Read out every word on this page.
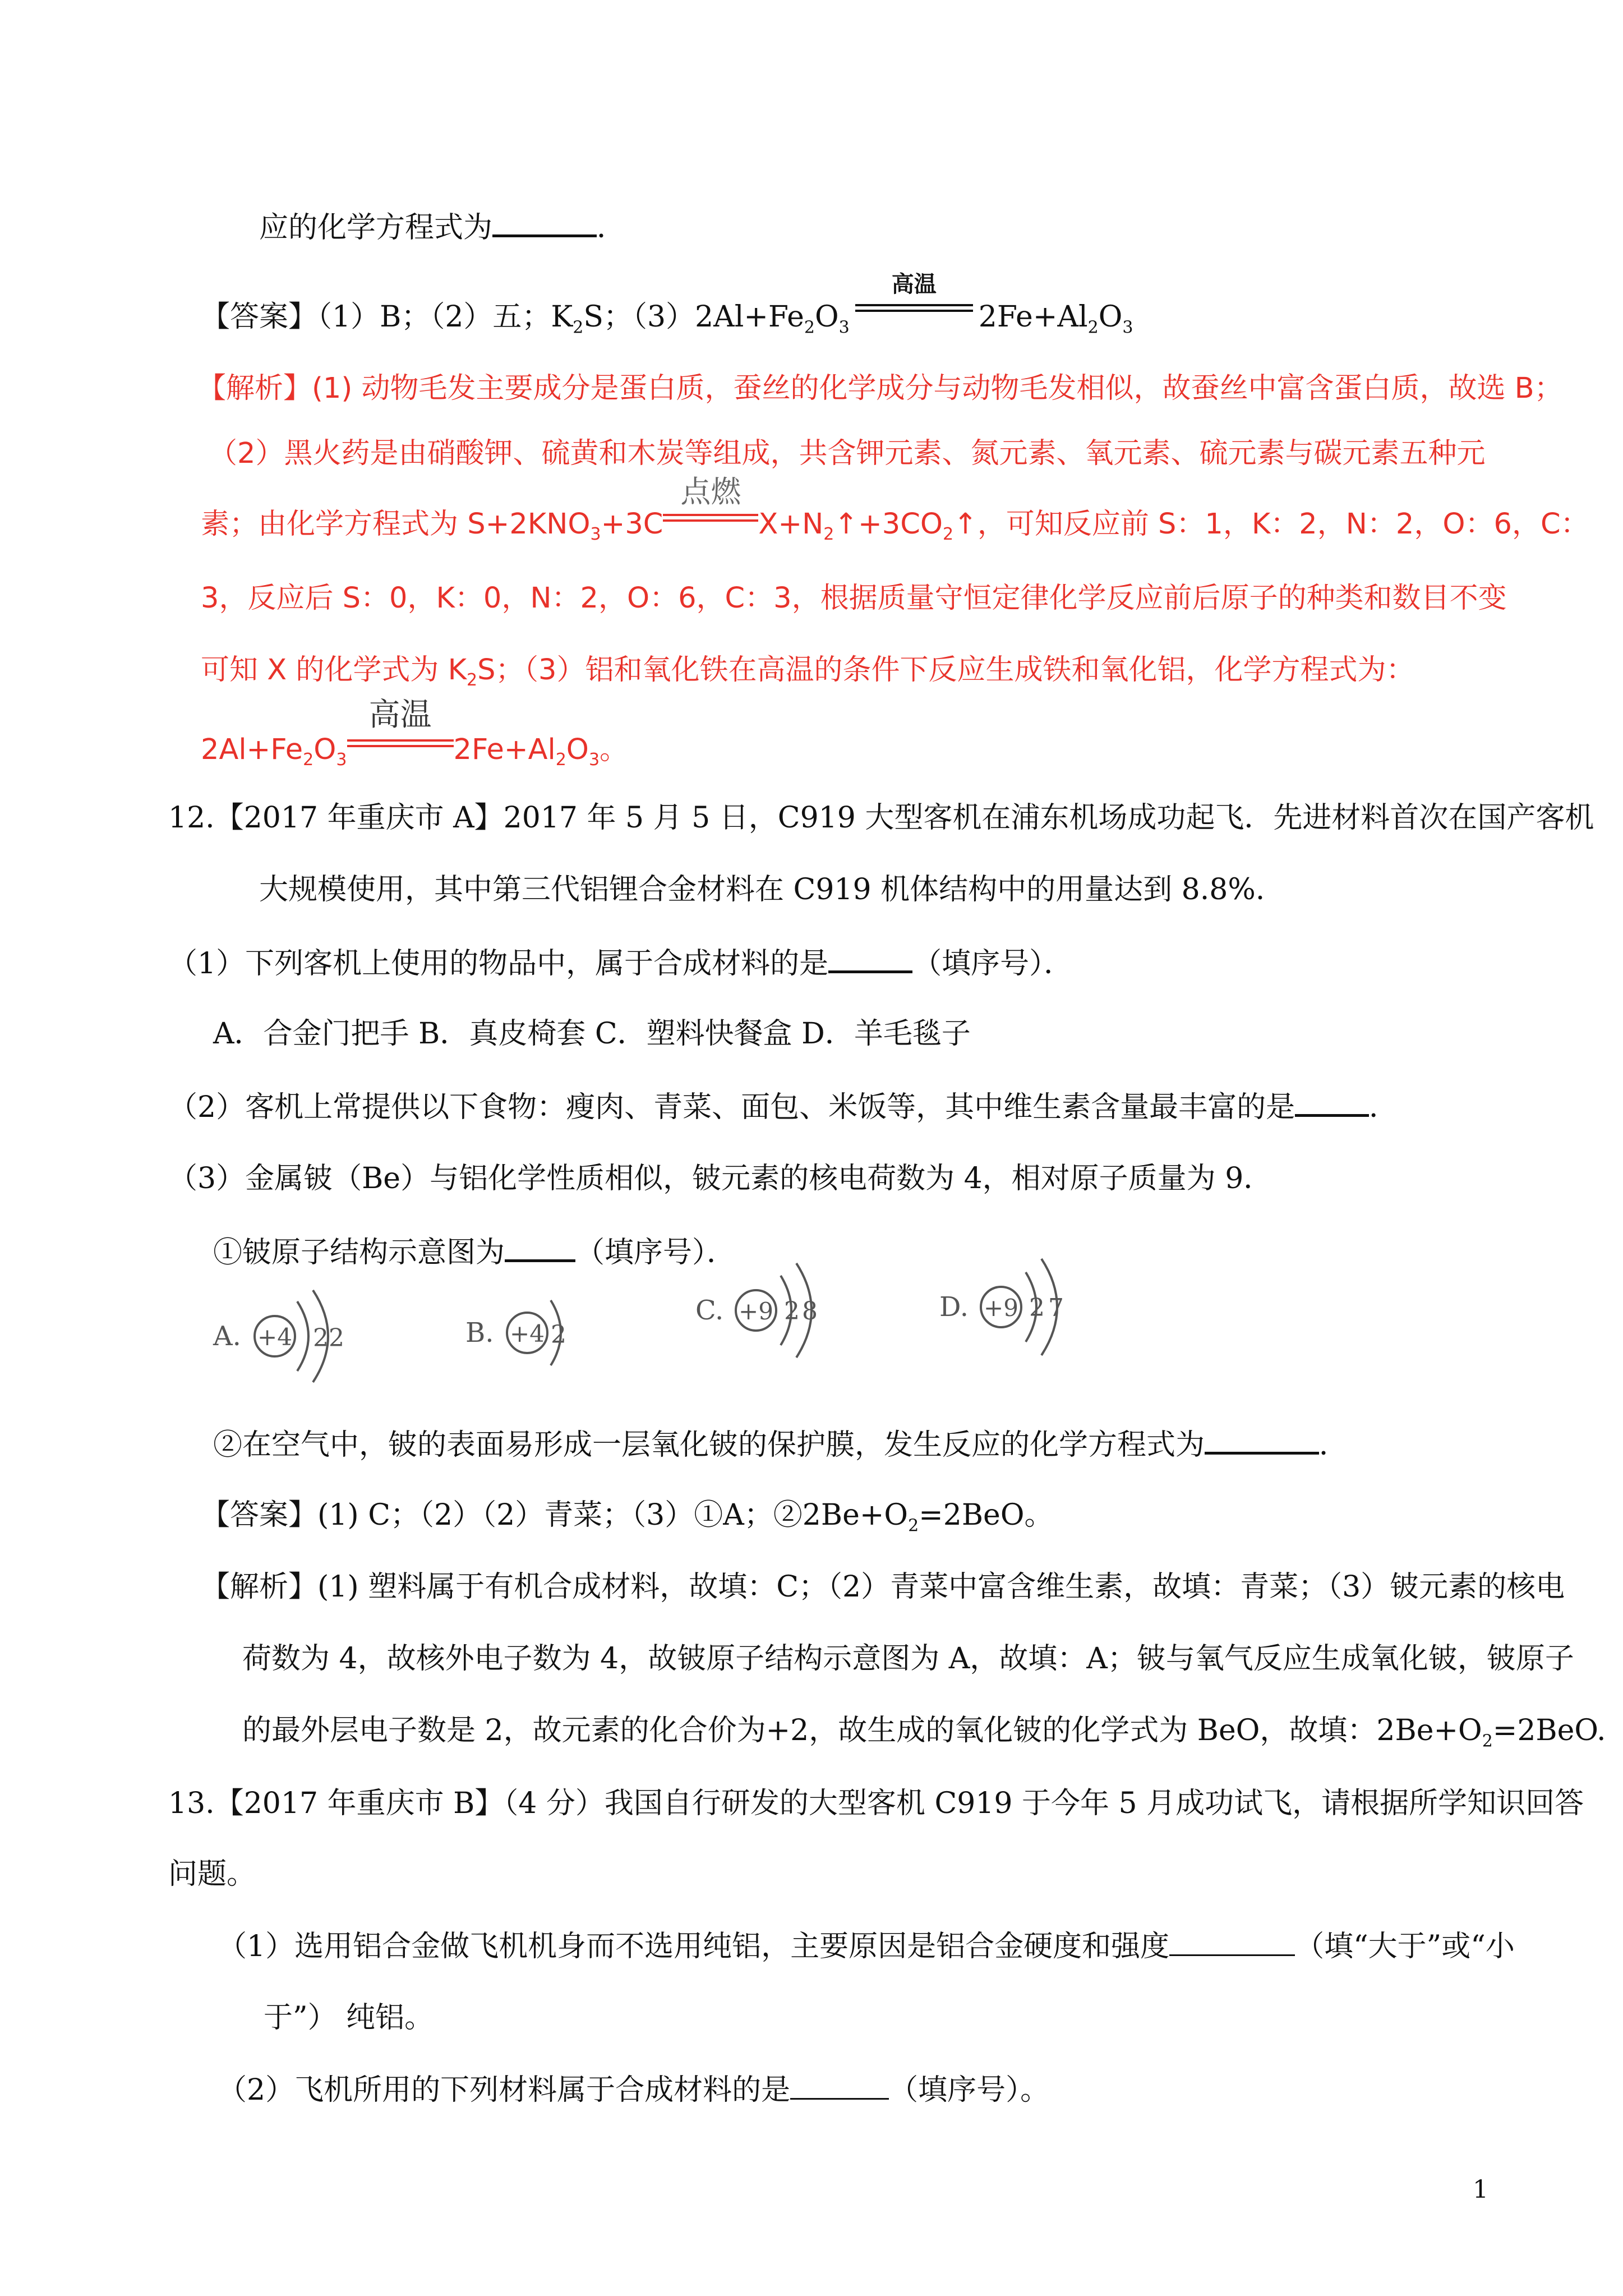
应的化学方程式为	．
【答案】（1）B；（2）五；$K_2S$；$(3)2Al+Fe_2O_3$
高温
$2Fe+Al_2O_3$
【解析】(1) 动物毛发主要成分是蛋白质，蚕丝的化学成分与动物毛发相似，故蚕丝中富含蛋白质，故选 B；
（2）黑火药是由硝酸钾、硫黄和木炭等组成，共含钾元素、氮元素、氧元素、硫元素与碳元素五种元
素；由化学方程式为 $S+2KNO_3+3C$
点燃
$X+N_2↑+3CO_2↑$，可知反应前 S：1，K：2，N：2，O：6，C：
3，反应后 S：0，K：0，N：2，O：6，C：3，根据质量守恒定律化学反应前后原子的种类和数目不变
可知 X 的化学式为 $K_2S$；（3）铝和氧化铁在高温的条件下反应生成铁和氧化铝，化学方程式为：
$2Al+Fe_2O_3$
高温
$2Fe+Al_2O_3$。
12.【2017 年重庆市 A】2017 年 5 月 5 日，C919 大型客机在浦东机场成功起飞．先进材料首次在国产客机
大规模使用，其中第三代铝锂合金材料在 C919 机体结构中的用量达到 8.8%.
（1）下列客机上使用的物品中，属于合成材料的是	（填序号）．
A．合金门把手 B．真皮椅套 C．塑料快餐盒 D．羊毛毯子
（2）客机上常提供以下食物：瘦肉、青菜、面包、米饭等，其中维生素含量最丰富的是	．
（3）金属铍（Be）与铝化学性质相似，铍元素的核电荷数为 4，相对原子质量为 9．
①铍原子结构示意图为 （填序号）．
A. +4 2 2	B. +4 2
C. +9 2 8	D. +9 2 7
②在空气中，铍的表面易形成一层氧化铍的保护膜，发生反应的化学方程式为	．
【答案】(1) C；（2）（2）青菜；（3）①A；$②2Be+O_2=2BeO$。
【解析】(1) 塑料属于有机合成材料，故填：C；（2）青菜中富含维生素，故填：青菜；（3）铍元素的核电
荷数为 4，故核外电子数为 4，故铍原子结构示意图为 A，故填：A；铍与氧气反应生成氧化铍，铍原子
的最外层电子数是 2，故元素的化合价为+2，故生成的氧化铍的化学式为 BeO，故填：$2Be+O_2=2BeO$.
13.【2017 年重庆市 B】（4 分）我国自行研发的大型客机 C919 于今年 5 月成功试飞，请根据所学知识回答
问题。
（1）选用铝合金做飞机机身而不选用纯铝，主要原因是铝合金硬度和强度	（填“大于”或“小
于”） 纯铝。
（2）飞机所用的下列材料属于合成材料的是	（填序号）。
1
